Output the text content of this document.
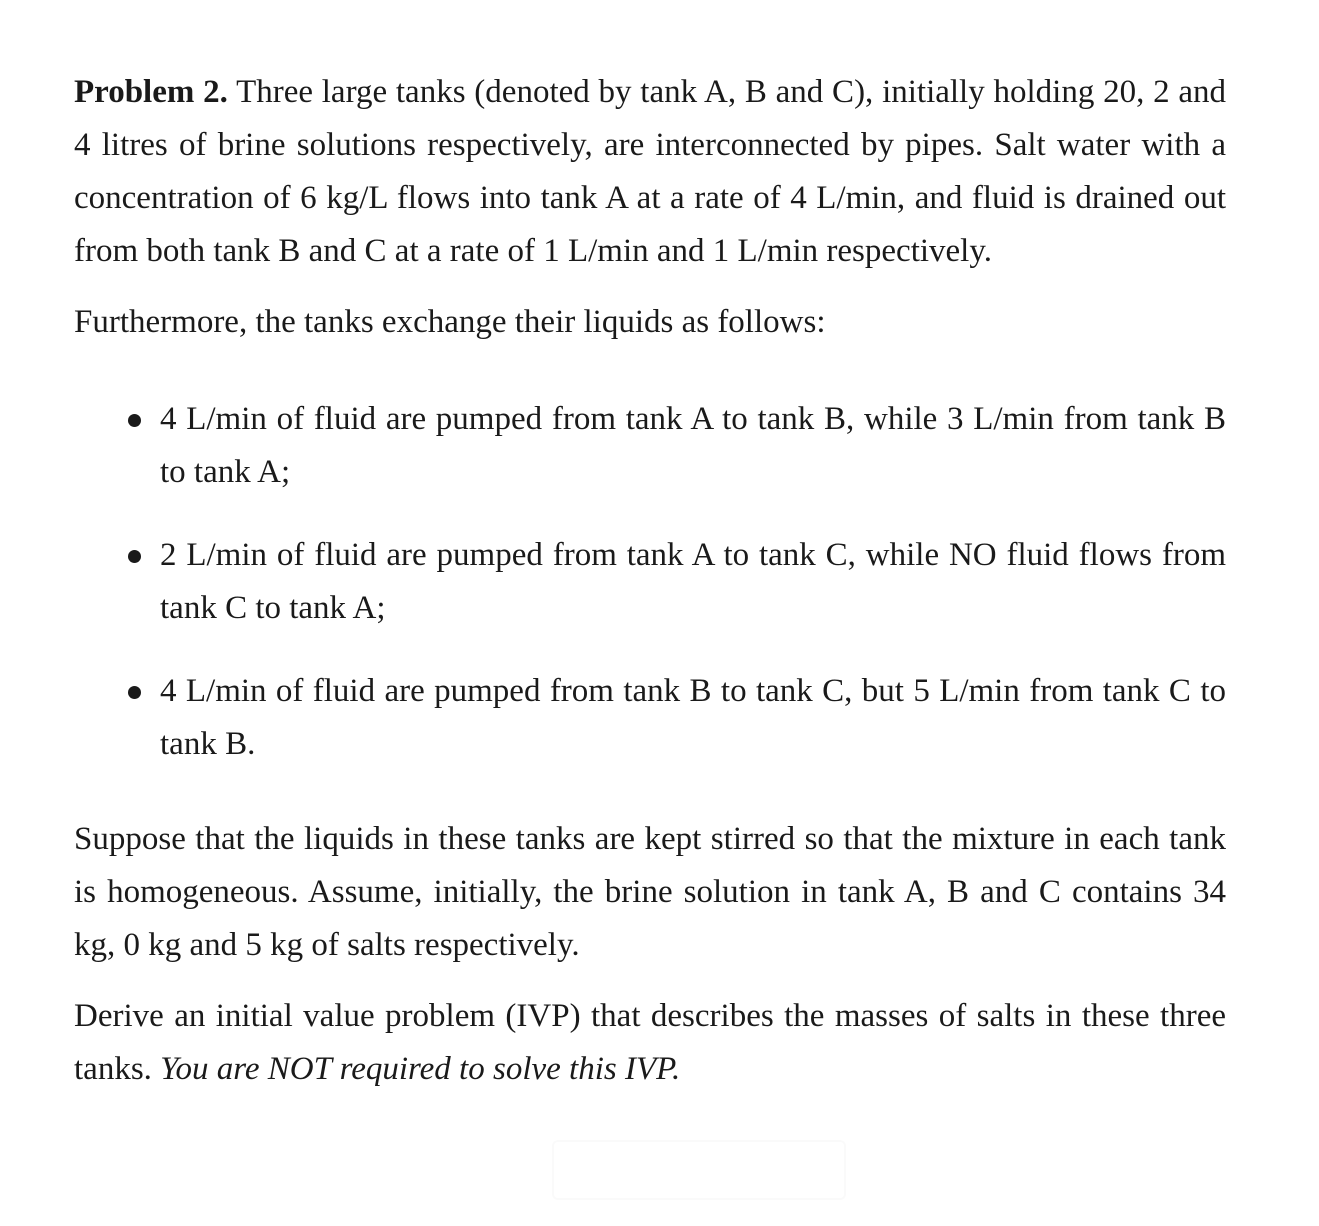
Problem 2. Three large tanks (denoted by tank A, B and C), initially holding 20, 2 and 4 litres of brine solutions respectively, are interconnected by pipes. Salt water with a concentration of 6 kg/L flows into tank A at a rate of 4 L/min, and fluid is drained out from both tank B and C at a rate of 1 L/min and 1 L/min respectively.

Furthermore, the tanks exchange their liquids as follows:

4 L/min of fluid are pumped from tank A to tank B, while 3 L/min from tank B to tank A;
2 L/min of fluid are pumped from tank A to tank C, while NO fluid flows from tank C to tank A;
4 L/min of fluid are pumped from tank B to tank C, but 5 L/min from tank C to tank B.

Suppose that the liquids in these tanks are kept stirred so that the mixture in each tank is homogeneous. Assume, initially, the brine solution in tank A, B and C contains 34 kg, 0 kg and 5 kg of salts respectively.

Derive an initial value problem (IVP) that describes the masses of salts in these three tanks. You are NOT required to solve this IVP.
